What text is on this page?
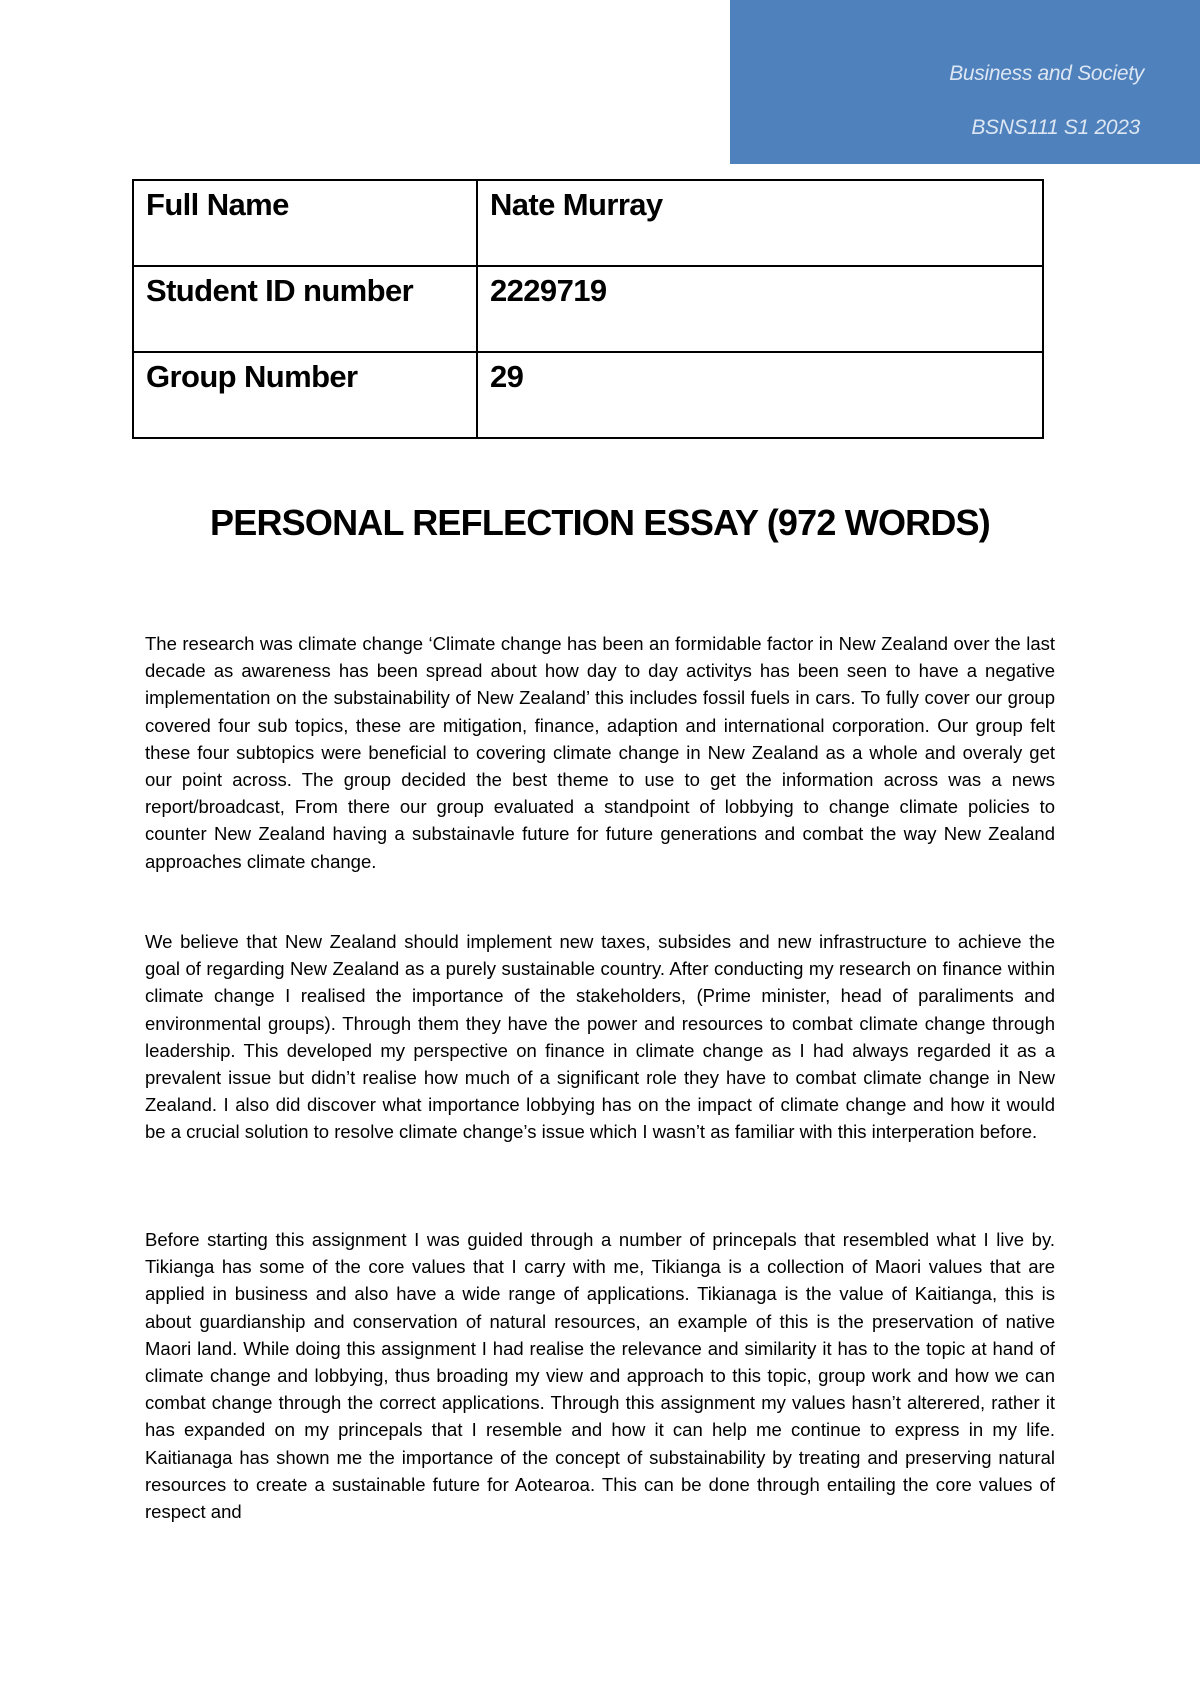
Business and Society
BSNS111 S1 2023
Full Name	Nate Murray
Student ID number	2229719
Group Number	29
PERSONAL REFLECTION ESSAY (972 WORDS)

The research was climate change ‘Climate change has been an formidable factor in New Zealand over the last decade as awareness has been spread about how day to day activitys has been seen to have a negative implementation on the substainability of New Zealand’ this includes fossil fuels in cars. To fully cover our group covered four sub topics, these are mitigation, finance, adaption and international corporation. Our group felt these four subtopics were beneficial to covering climate change in New Zealand as a whole and overaly get our point across. The group decided the best theme to use to get the information across was a news report/broadcast, From there our group evaluated a standpoint of lobbying to change climate policies to counter New Zealand having a substainavle future for future generations and combat the way New Zealand approaches climate change.

We believe that New Zealand should implement new taxes, subsides and new infrastructure to achieve the goal of regarding New Zealand as a purely sustainable country. After conducting my research on finance within climate change I realised the importance of the stakeholders, (Prime minister, head of paraliments and environmental groups). Through them they have the power and resources to combat climate change through leadership. This developed my perspective on finance in climate change as I had always regarded it as a prevalent issue but didn’t realise how much of a significant role they have to combat climate change in New Zealand. I also did discover what importance lobbying has on the impact of climate change and how it would be a crucial solution to resolve climate change’s issue which I wasn’t as familiar with this interperation before.

Before starting this assignment I was guided through a number of princepals that resembled what I live by. Tikianga has some of the core values that I carry with me, Tikianga is a collection of Maori values that are applied in business and also have a wide range of applications. Tikianaga is the value of Kaitianga, this is about guardianship and conservation of natural resources, an example of this is the preservation of native Maori land. While doing this assignment I had realise the relevance and similarity it has to the topic at hand of climate change and lobbying, thus broading my view and approach to this topic, group work and how we can combat change through the correct applications. Through this assignment my values hasn’t alterered, rather it has expanded on my princepals that I resemble and how it can help me continue to express in my life. Kaitianaga has shown me the importance of the concept of substainability by treating and preserving natural resources to create a sustainable future for Aotearoa. This can be done through entailing the core values of respect and
